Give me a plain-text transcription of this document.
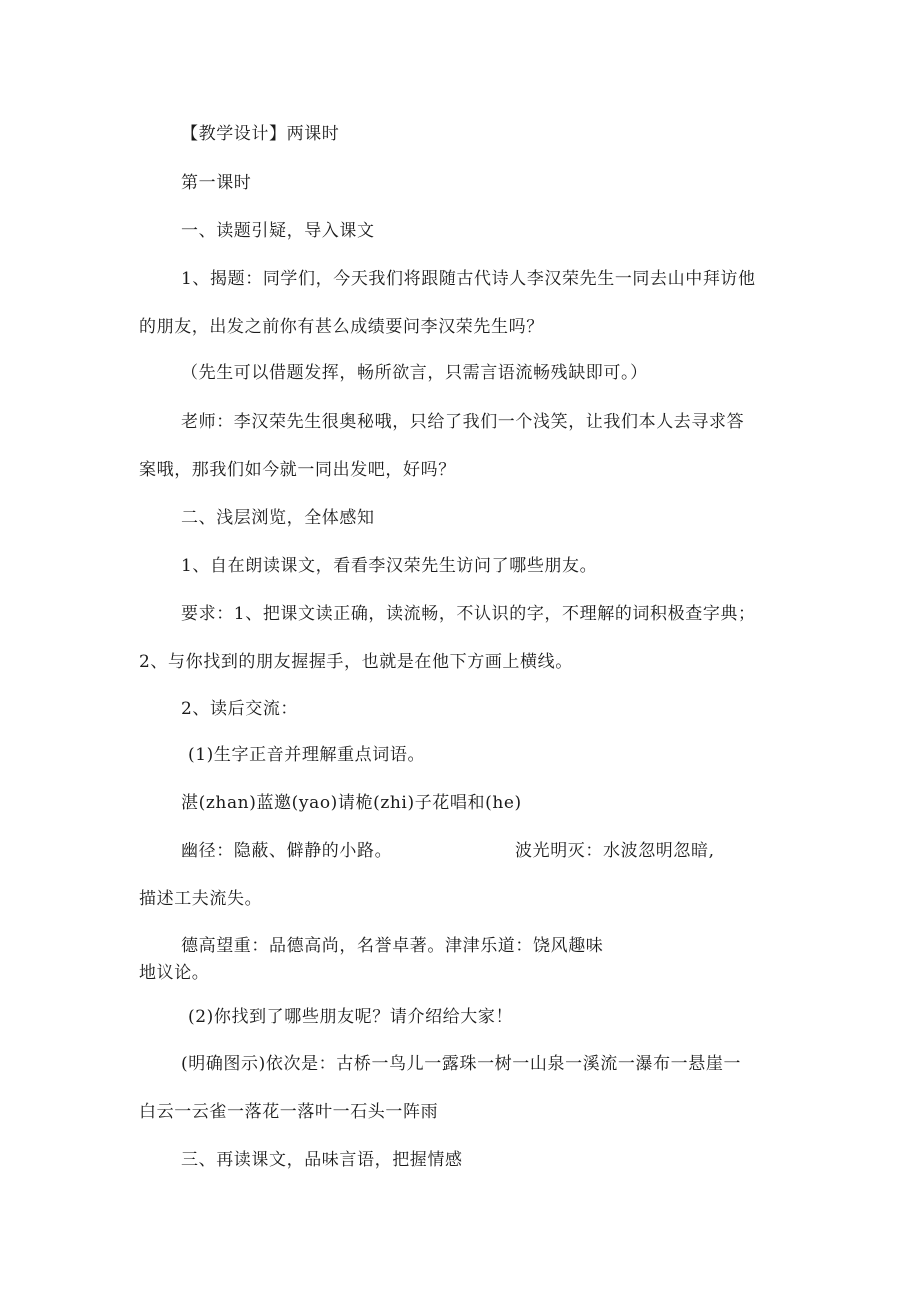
【教学设计】两课时
第一课时
一、读题引疑，导入课文
1、揭题：同学们，今天我们将跟随古代诗人李汉荣先生一同去山中拜访他
的朋友，出发之前你有甚么成绩要问李汉荣先生吗？
（先生可以借题发挥，畅所欲言，只需言语流畅残缺即可。）
老师：李汉荣先生很奥秘哦，只给了我们一个浅笑，让我们本人去寻求答
案哦，那我们如今就一同出发吧，好吗？
二、浅层浏览，全体感知
1、自在朗读课文，看看李汉荣先生访问了哪些朋友。
要求：1、把课文读正确，读流畅，不认识的字，不理解的词积极查字典；
2、与你找到的朋友握握手，也就是在他下方画上横线。
2、读后交流：
(1)生字正音并理解重点词语。
湛(zhan)蓝邀(yao)请桅(zhi)子花唱和(he)
幽径：隐蔽、僻静的小路。	波光明灭：水波忽明忽暗,
描述工夫流失。
德高望重：品德高尚，名誉卓著。津津乐道：饶风趣味
地议论。
(2)你找到了哪些朋友呢？请介绍给大家！
(明确图示)依次是：古桥一鸟儿一露珠一树一山泉一溪流一瀑布一悬崖一
白云一云雀一落花一落叶一石头一阵雨
三、再读课文，品味言语，把握情感
